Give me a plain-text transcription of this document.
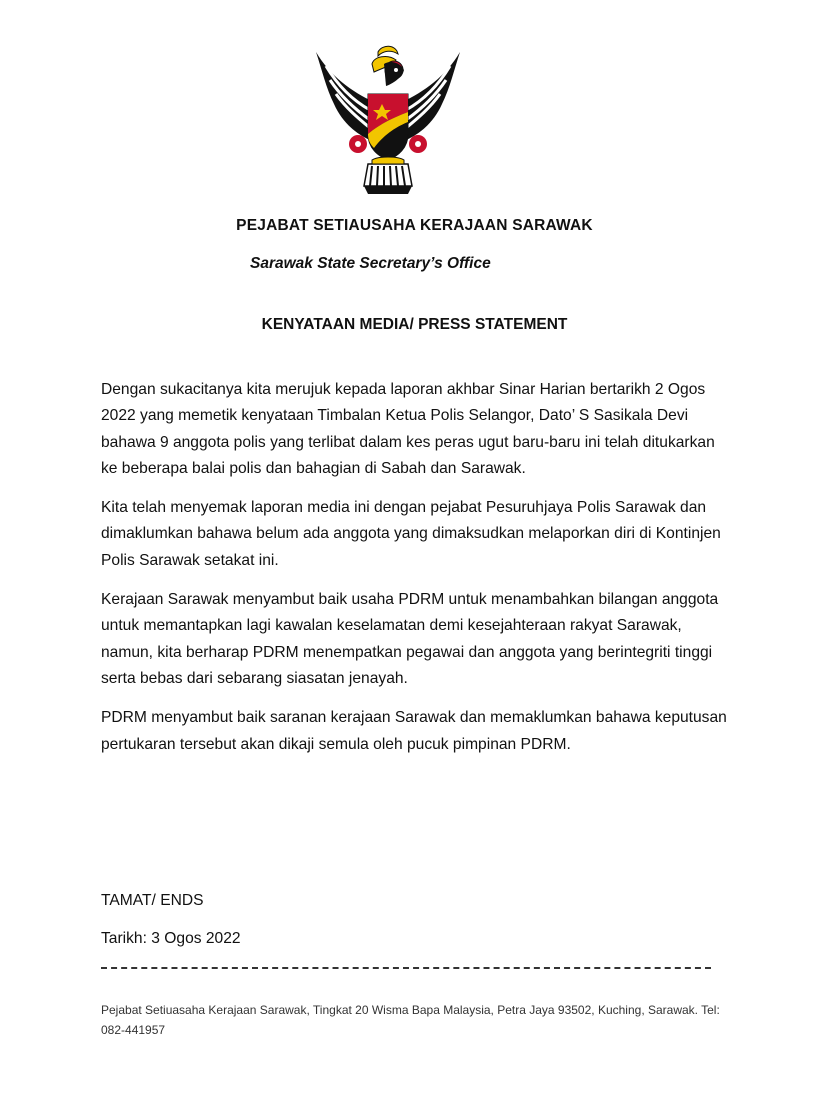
PEJABAT SETIAUSAHA KERAJAAN SARAWAK
Sarawak State Secretary’s Office
KENYATAAN MEDIA/ PRESS STATEMENT

Dengan sukacitanya kita merujuk kepada laporan akhbar Sinar Harian bertarikh 2 Ogos 2022 yang memetik kenyataan Timbalan Ketua Polis Selangor, Dato’ S Sasikala Devi bahawa 9 anggota polis yang terlibat dalam kes peras ugut baru-baru ini telah ditukarkan ke beberapa balai polis dan bahagian di Sabah dan Sarawak.

Kita telah menyemak laporan media ini dengan pejabat Pesuruhjaya Polis Sarawak dan dimaklumkan bahawa belum ada anggota yang dimaksudkan melaporkan diri di Kontinjen Polis Sarawak setakat ini.

Kerajaan Sarawak menyambut baik usaha PDRM untuk menambahkan bilangan anggota untuk memantapkan lagi kawalan keselamatan demi kesejahteraan rakyat Sarawak, namun, kita berharap PDRM menempatkan pegawai dan anggota yang berintegriti tinggi serta bebas dari sebarang siasatan jenayah.

PDRM menyambut baik saranan kerajaan Sarawak dan memaklumkan bahawa keputusan pertukaran tersebut akan dikaji semula oleh pucuk pimpinan PDRM.

TAMAT/ ENDS
Tarikh: 3 Ogos 2022
Pejabat Setiuasaha Kerajaan Sarawak, Tingkat 20 Wisma Bapa Malaysia, Petra Jaya 93502, Kuching, Sarawak. Tel: 082-441957
